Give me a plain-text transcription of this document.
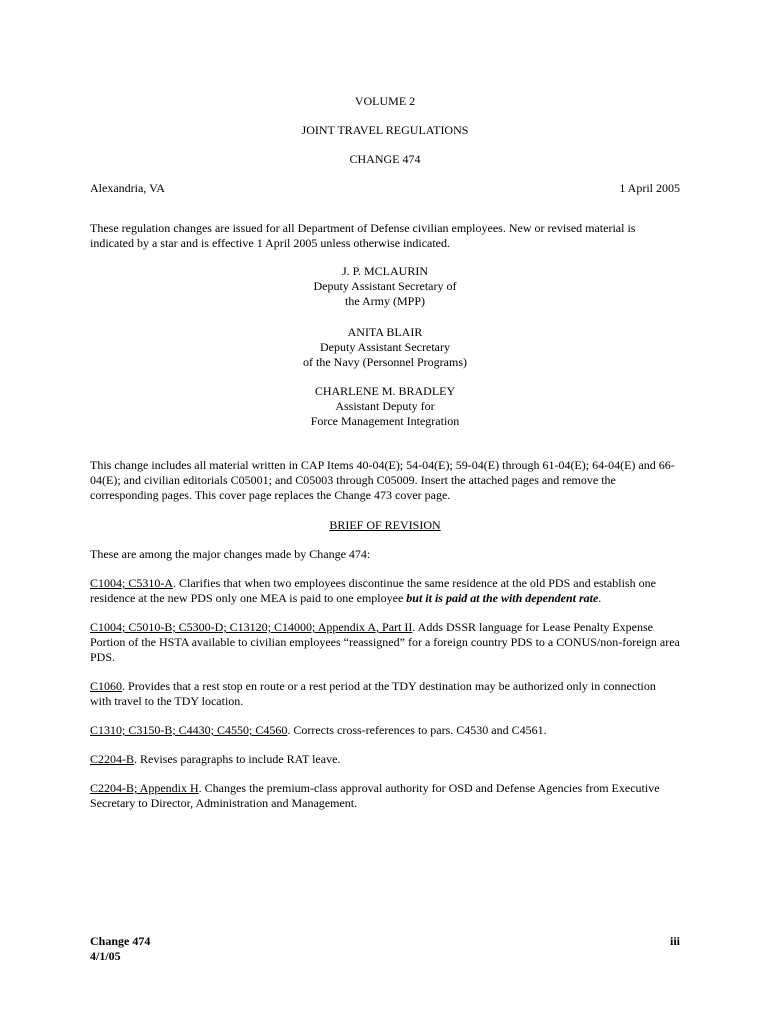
VOLUME 2
JOINT TRAVEL REGULATIONS
CHANGE 474
Alexandria, VA	1 April 2005

These regulation changes are issued for all Department of Defense civilian employees. New or revised material is indicated by a star and is effective 1 April 2005 unless otherwise indicated.

J. P. MCLAURIN
Deputy Assistant Secretary of
the Army (MPP)
ANITA BLAIR
Deputy Assistant Secretary
of the Navy (Personnel Programs)
CHARLENE M. BRADLEY
Assistant Deputy for
Force Management Integration

This change includes all material written in CAP Items 40-04(E); 54-04(E); 59-04(E) through 61-04(E); 64-04(E) and 66-04(E); and civilian editorials C05001; and C05003 through C05009. Insert the attached pages and remove the corresponding pages. This cover page replaces the Change 473 cover page.

BRIEF OF REVISION

These are among the major changes made by Change 474:

C1004; C5310-A. Clarifies that when two employees discontinue the same residence at the old PDS and establish one residence at the new PDS only one MEA is paid to one employee but it is paid at the with dependent rate.

C1004; C5010-B; C5300-D; C13120; C14000; Appendix A, Part II. Adds DSSR language for Lease Penalty Expense Portion of the HSTA available to civilian employees “reassigned” for a foreign country PDS to a CONUS/non-foreign area PDS.

C1060. Provides that a rest stop en route or a rest period at the TDY destination may be authorized only in connection with travel to the TDY location.

C1310; C3150-B; C4430; C4550; C4560. Corrects cross-references to pars. C4530 and C4561.

C2204-B. Revises paragraphs to include RAT leave.

C2204-B; Appendix H. Changes the premium-class approval authority for OSD and Defense Agencies from Executive Secretary to Director, Administration and Management.

Change 474
4/1/05
iii
